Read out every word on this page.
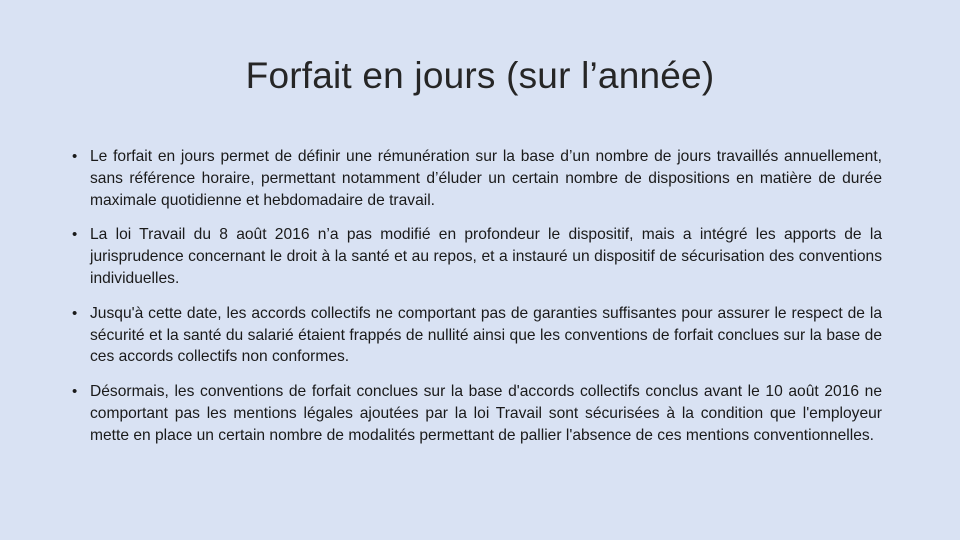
Forfait en jours (sur l’année)
• Le forfait en jours permet de définir une rémunération sur la base d’un nombre de jours travaillés annuellement, sans référence horaire, permettant notamment d’éluder un certain nombre de dispositions en matière de durée maximale quotidienne et hebdomadaire de travail.
• La loi Travail du 8 août 2016 n’a pas modifié en profondeur le dispositif, mais a intégré les apports de la jurisprudence concernant le droit à la santé et au repos, et a instauré un dispositif de sécurisation des conventions individuelles.
• Jusqu'à cette date, les accords collectifs ne comportant pas de garanties suffisantes pour assurer le respect de la sécurité et la santé du salarié étaient frappés de nullité ainsi que les conventions de forfait conclues sur la base de ces accords collectifs non conformes.
• Désormais, les conventions de forfait conclues sur la base d'accords collectifs conclus avant le 10 août 2016 ne comportant pas les mentions légales ajoutées par la loi Travail sont sécurisées à la condition que l'employeur mette en place un certain nombre de modalités permettant de pallier l'absence de ces mentions conventionnelles.
